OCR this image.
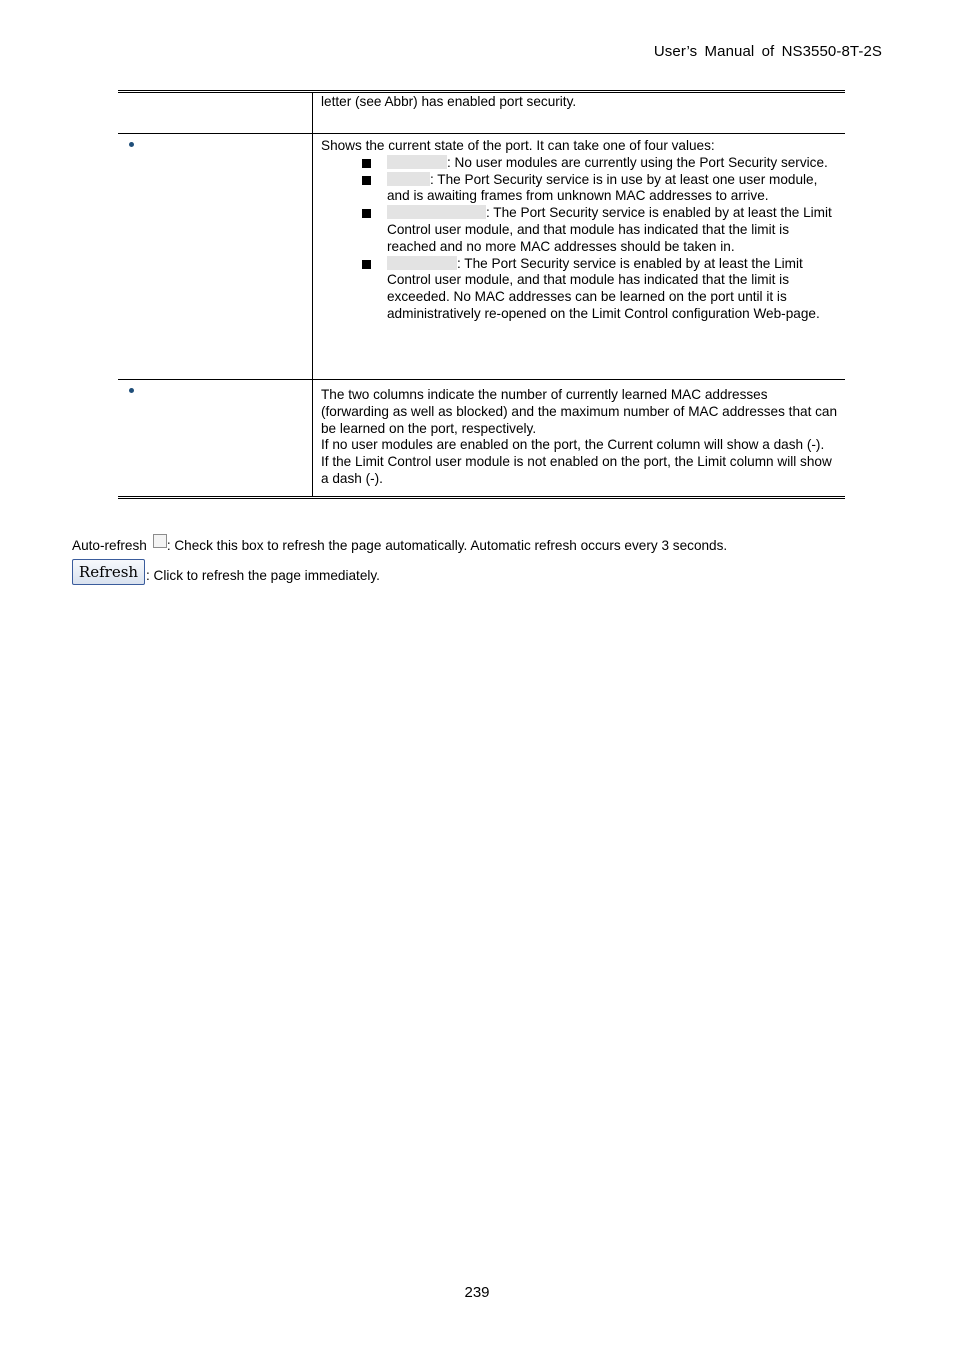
User’s Manual of NS3550-8T-2S
letter (see Abbr) has enabled port security.
Shows the current state of the port. It can take one of four values:
: No user modules are currently using the Port Security service.
: The Port Security service is in use by at least one user module, and is awaiting frames from unknown MAC addresses to arrive.
: The Port Security service is enabled by at least the Limit Control user module, and that module has indicated that the limit is reached and no more MAC addresses should be taken in.
: The Port Security service is enabled by at least the Limit Control user module, and that module has indicated that the limit is exceeded. No MAC addresses can be learned on the port until it is administratively re-opened on the Limit Control configuration Web-page.
The two columns indicate the number of currently learned MAC addresses (forwarding as well as blocked) and the maximum number of MAC addresses that can be learned on the port, respectively.
If no user modules are enabled on the port, the Current column will show a dash (-).
If the Limit Control user module is not enabled on the port, the Limit column will show a dash (-).
Auto-refresh : Check this box to refresh the page automatically. Automatic refresh occurs every 3 seconds.
Refresh : Click to refresh the page immediately.
239
